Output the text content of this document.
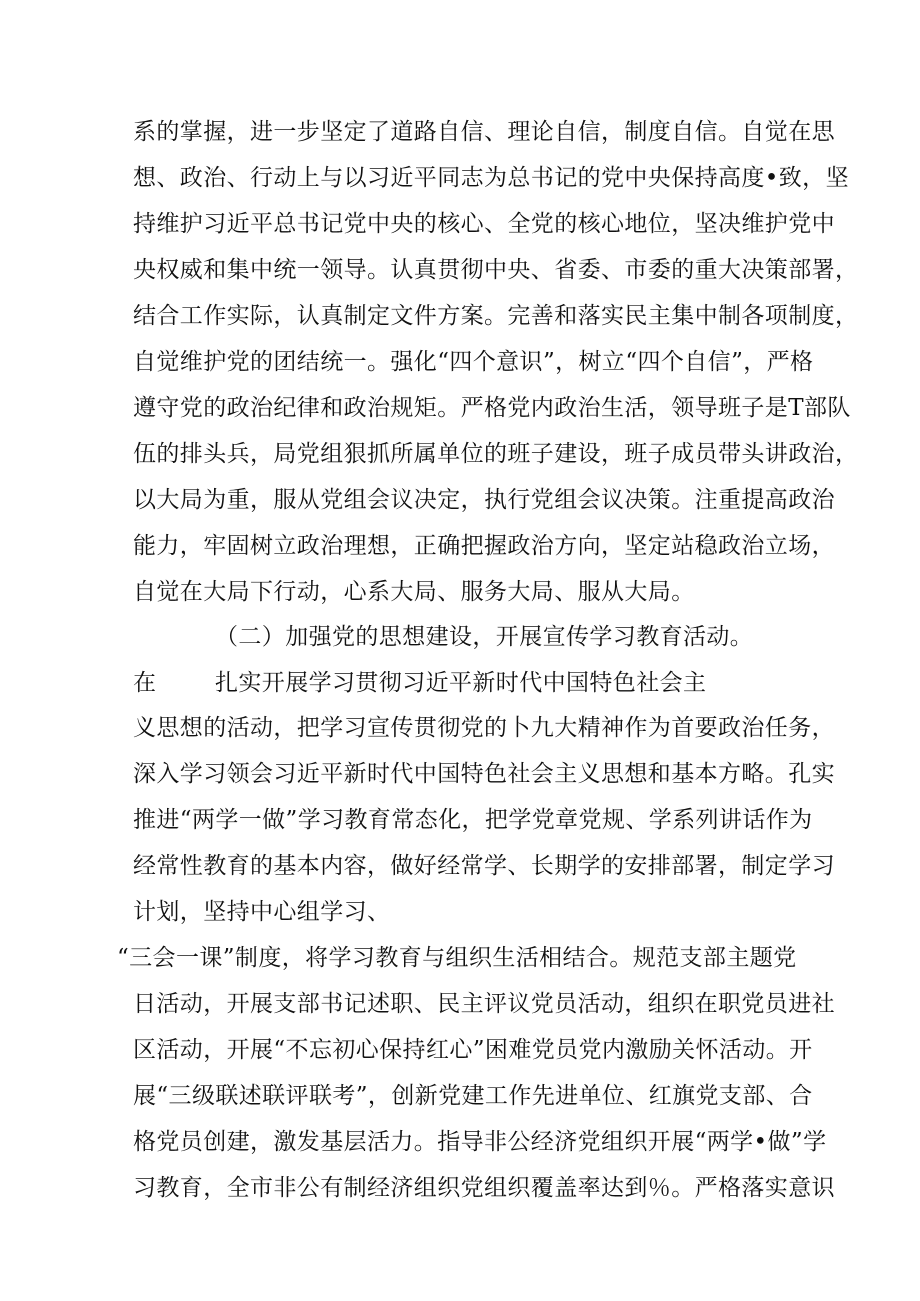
系的掌握，进一步坚定了道路自信、理论自信，制度自信。自觉在思
想、政治、行动上与以习近平同志为总书记的党中央保持高度•致，坚
持维护习近平总书记党中央的核心、全党的核心地位，坚决维护党中
央权威和集中统一领导。认真贯彻中央、省委、市委的重大决策部署，
结合工作实际，认真制定文件方案。完善和落实民主集中制各项制度，
自觉维护党的团结统一。强化“四个意识”，树立“四个自信”，严格
遵守党的政治纪律和政治规矩。严格党内政治生活，领导班子是T部队
伍的排头兵，局党组狠抓所属单位的班子建设，班子成员带头讲政治，
以大局为重，服从党组会议决定，执行党组会议决策。注重提高政治
能力，牢固树立政治理想，正确把握政治方向，坚定站稳政治立场，
自觉在大局下行动，心系大局、服务大局、服从大局。
（二）加强党的思想建设，开展宣传学习教育活动。
在	扎实开展学习贯彻习近平新时代中国特色社会主
义思想的活动，把学习宣传贯彻党的卜九大精神作为首要政治任务，
深入学习领会习近平新时代中国特色社会主义思想和基本方略。孔实
推进“两学一做”学习教育常态化，把学党章党规、学系列讲话作为
经常性教育的基本内容，做好经常学、长期学的安排部署，制定学习
计划，坚持中心组学习、
“三会一课”制度，将学习教育与组织生活相结合。规范支部主题党
日活动，开展支部书记述职、民主评议党员活动，组织在职党员进社
区活动，开展“不忘初心保持红心”困难党员党内激励关怀活动。开
展“三级联述联评联考”，创新党建工作先进单位、红旗党支部、合
格党员创建，激发基层活力。指导非公经济党组织开展“两学•做”学
习教育，全市非公有制经济组织党组织覆盖率达到％。严格落实意识
